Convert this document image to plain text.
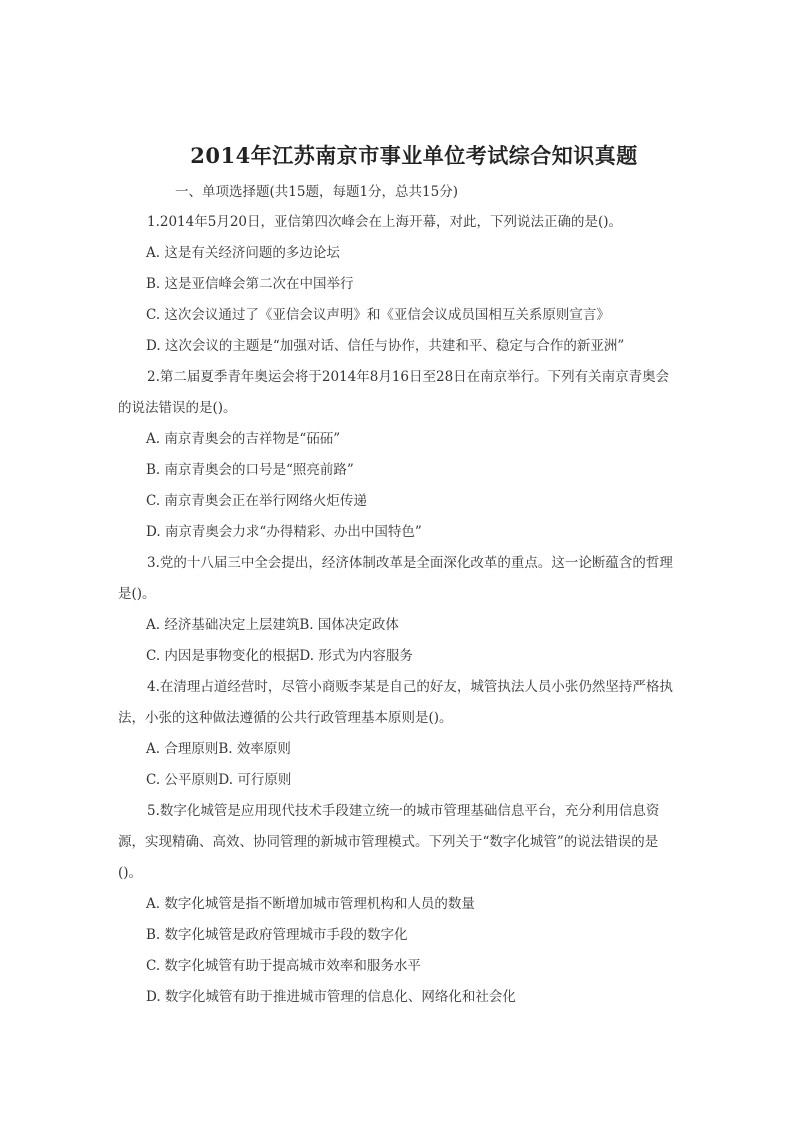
2014年江苏南京市事业单位考试综合知识真题
一、单项选择题(共15题，每题1分，总共15分)

1.2014年5月20日，亚信第四次峰会在上海开幕，对此，下列说法正确的是()。

A. 这是有关经济问题的多边论坛

B. 这是亚信峰会第二次在中国举行

C. 这次会议通过了《亚信会议声明》和《亚信会议成员国相互关系原则宣言》

D. 这次会议的主题是“加强对话、信任与协作，共建和平、稳定与合作的新亚洲”

2.第二届夏季青年奥运会将于2014年8月16日至28日在南京举行。下列有关南京青奥会的说法错误的是()。

A. 南京青奥会的吉祥物是“砳砳”

B. 南京青奥会的口号是“照亮前路”

C. 南京青奥会正在举行网络火炬传递

D. 南京青奥会力求“办得精彩、办出中国特色”

3.党的十八届三中全会提出，经济体制改革是全面深化改革的重点。这一论断蕴含的哲理是()。

A. 经济基础决定上层建筑B. 国体决定政体

C. 内因是事物变化的根据D. 形式为内容服务

4.在清理占道经营时，尽管小商贩李某是自己的好友，城管执法人员小张仍然坚持严格执法，小张的这种做法遵循的公共行政管理基本原则是()。

A. 合理原则B. 效率原则

C. 公平原则D. 可行原则

5.数字化城管是应用现代技术手段建立统一的城市管理基础信息平台，充分利用信息资源，实现精确、高效、协同管理的新城市管理模式。下列关于“数字化城管”的说法错误的是()。

A. 数字化城管是指不断增加城市管理机构和人员的数量

B. 数字化城管是政府管理城市手段的数字化

C. 数字化城管有助于提高城市效率和服务水平

D. 数字化城管有助于推进城市管理的信息化、网络化和社会化
